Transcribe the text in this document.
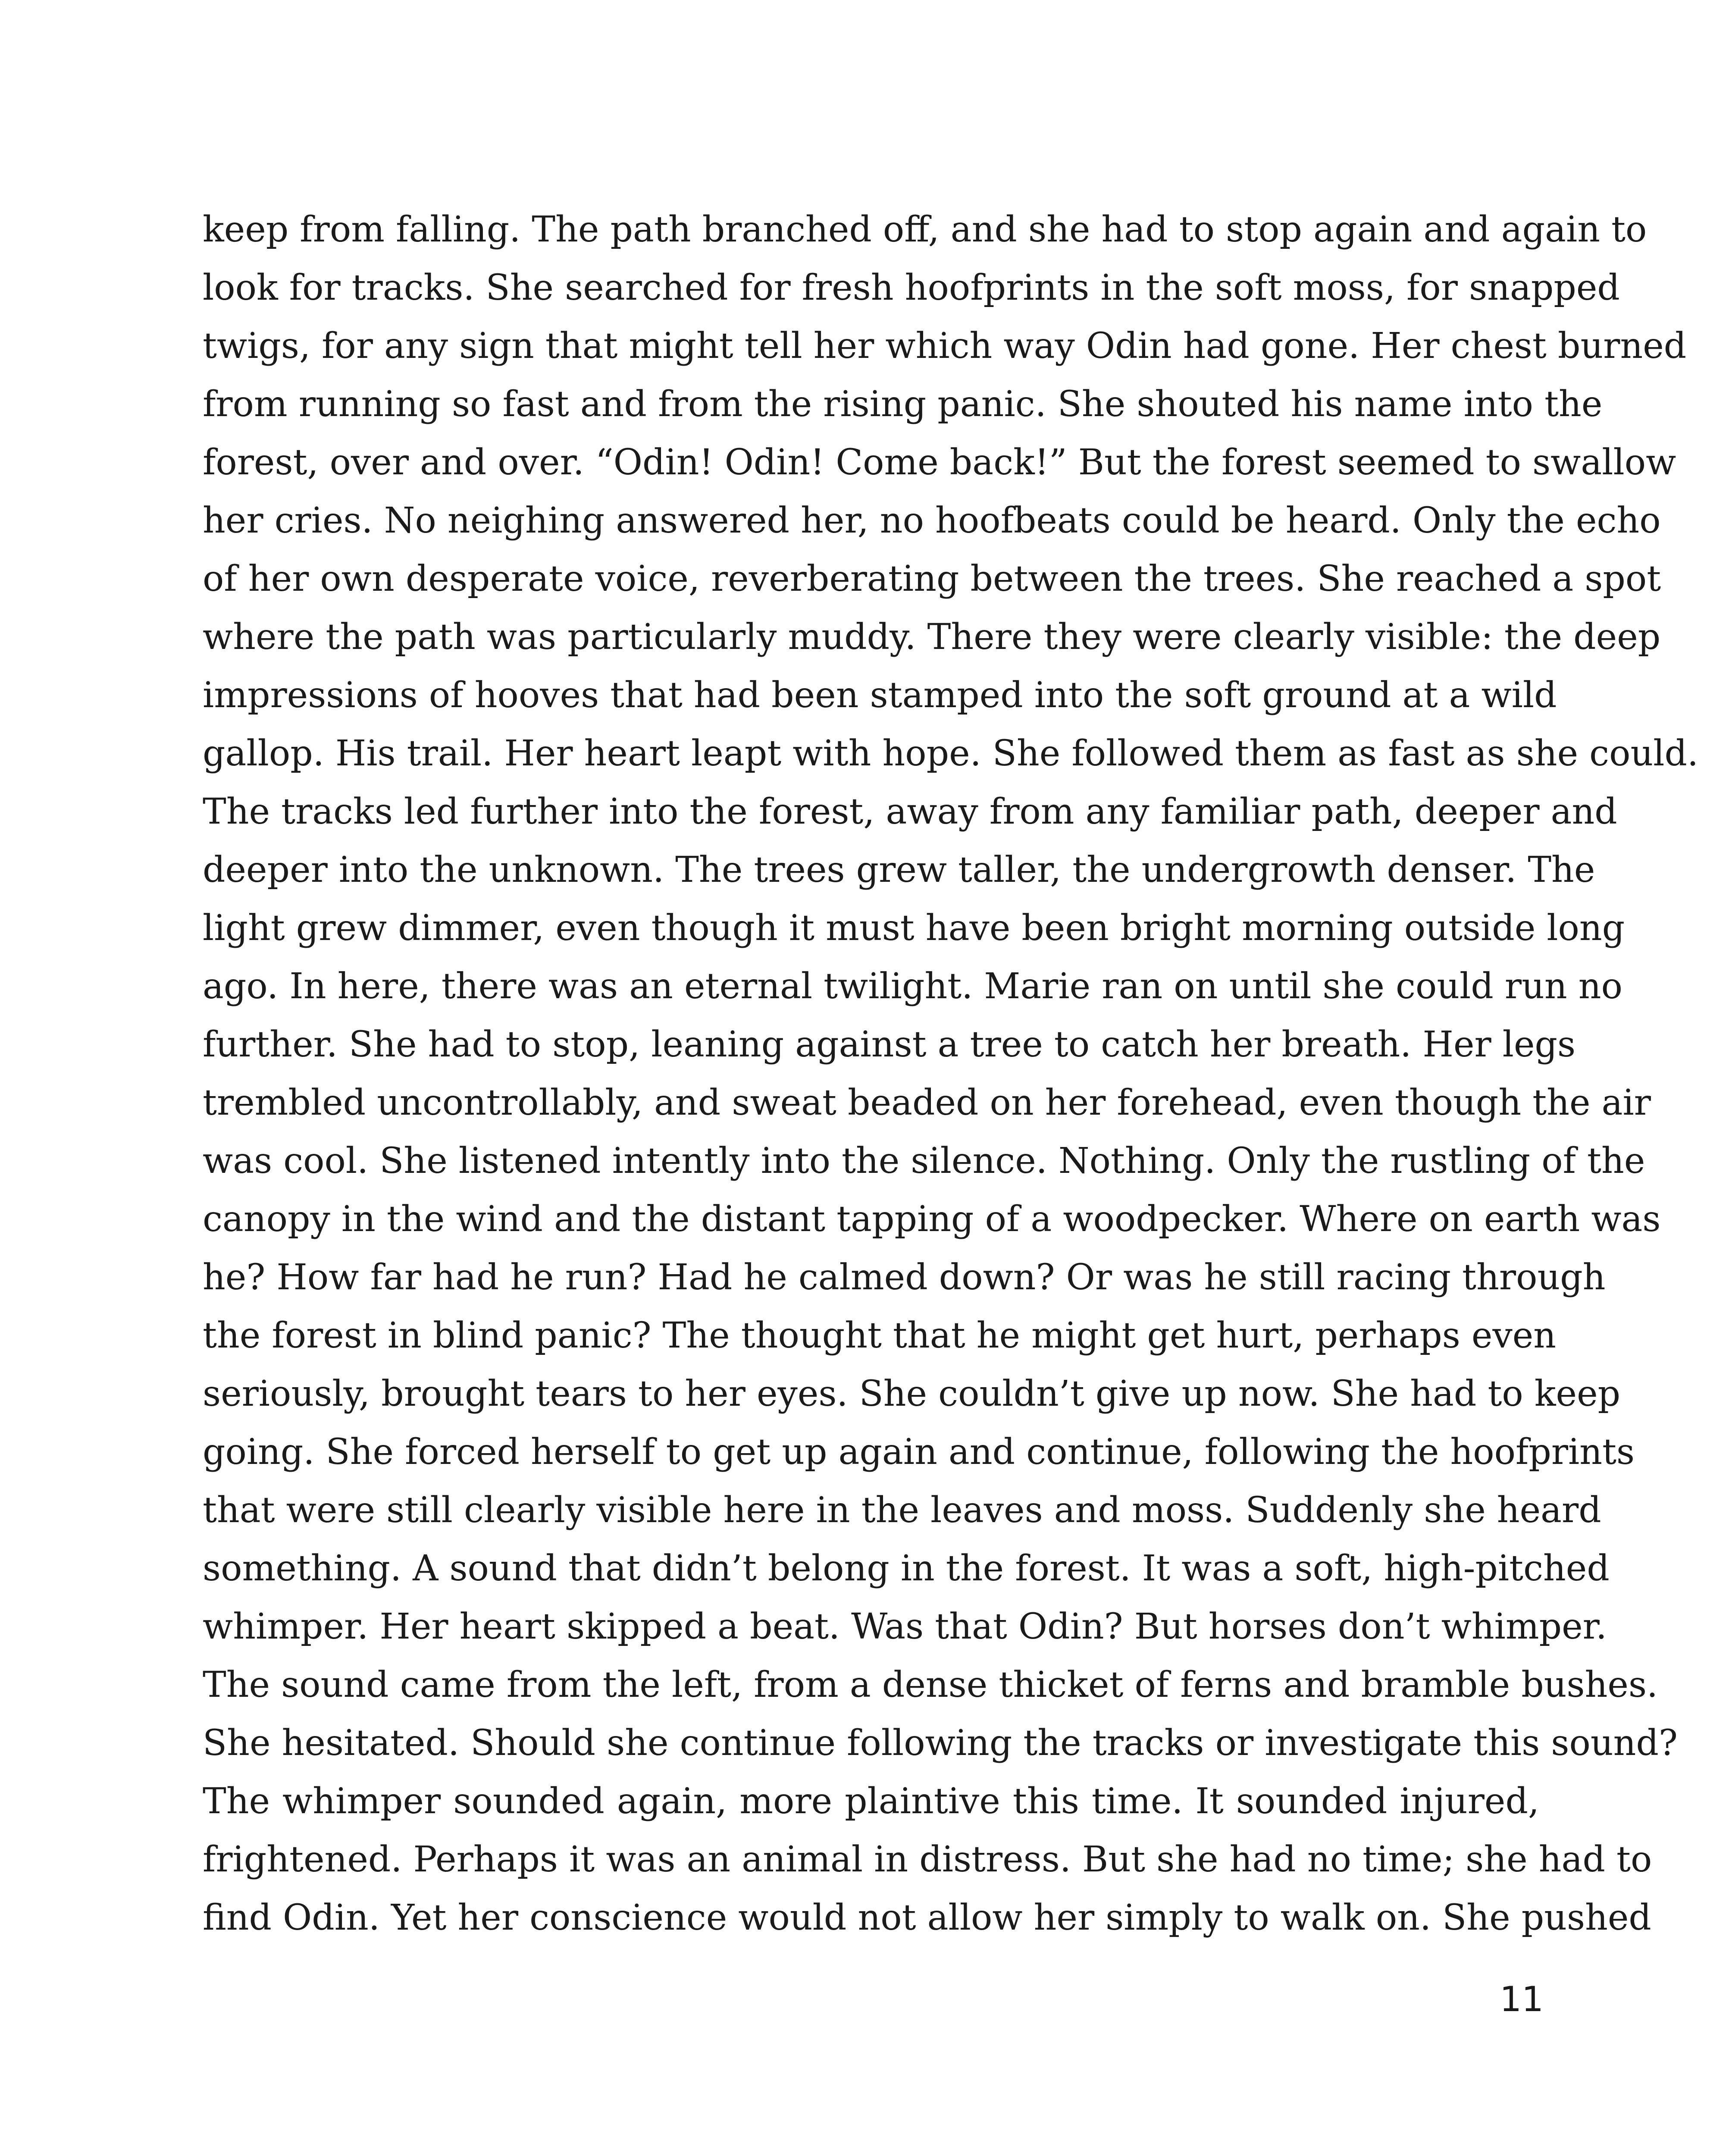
keep from falling. The path branched off, and she had to stop again and again to
look for tracks. She searched for fresh hoofprints in the soft moss, for snapped
twigs, for any sign that might tell her which way Odin had gone. Her chest burned
from running so fast and from the rising panic. She shouted his name into the
forest, over and over. “Odin! Odin! Come back!” But the forest seemed to swallow
her cries. No neighing answered her, no hoofbeats could be heard. Only the echo
of her own desperate voice, reverberating between the trees. She reached a spot
where the path was particularly muddy. There they were clearly visible: the deep
impressions of hooves that had been stamped into the soft ground at a wild
gallop. His trail. Her heart leapt with hope. She followed them as fast as she could.
The tracks led further into the forest, away from any familiar path, deeper and
deeper into the unknown. The trees grew taller, the undergrowth denser. The
light grew dimmer, even though it must have been bright morning outside long
ago. In here, there was an eternal twilight. Marie ran on until she could run no
further. She had to stop, leaning against a tree to catch her breath. Her legs
trembled uncontrollably, and sweat beaded on her forehead, even though the air
was cool. She listened intently into the silence. Nothing. Only the rustling of the
canopy in the wind and the distant tapping of a woodpecker. Where on earth was
he? How far had he run? Had he calmed down? Or was he still racing through
the forest in blind panic? The thought that he might get hurt, perhaps even
seriously, brought tears to her eyes. She couldn’t give up now. She had to keep
going. She forced herself to get up again and continue, following the hoofprints
that were still clearly visible here in the leaves and moss. Suddenly she heard
something. A sound that didn’t belong in the forest. It was a soft, high-pitched
whimper. Her heart skipped a beat. Was that Odin? But horses don’t whimper.
The sound came from the left, from a dense thicket of ferns and bramble bushes.
She hesitated. Should she continue following the tracks or investigate this sound?
The whimper sounded again, more plaintive this time. It sounded injured,
frightened. Perhaps it was an animal in distress. But she had no time; she had to
find Odin. Yet her conscience would not allow her simply to walk on. She pushed
11
